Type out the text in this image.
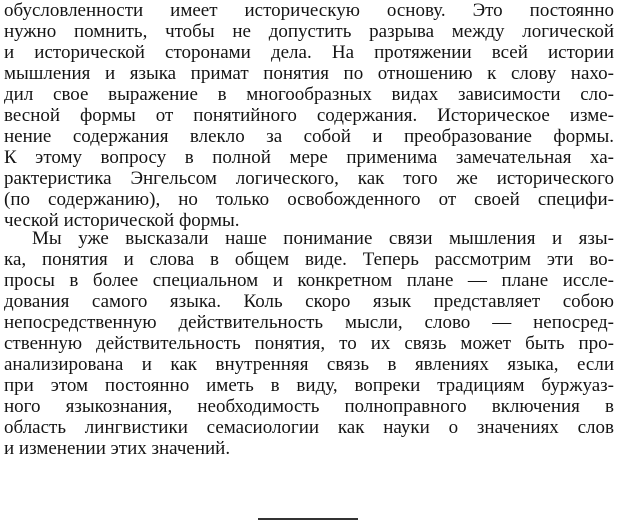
обусловленности имеет историческую основу. Это постоянно
нужно помнить, чтобы не допустить разрыва между логической
и исторической сторонами дела. На протяжении всей истории
мышления и языка примат понятия по отношению к слову нахо-
дил свое выражение в многообразных видах зависимости сло-
весной формы от понятийного содержания. Историческое изме-
нение содержания влекло за собой и преобразование формы.
К этому вопросу в полной мере применима замечательная ха-
рактеристика Энгельсом логического, как того же исторического
(по содержанию), но только освобожденного от своей специфи-
ческой исторической формы.
Мы уже высказали наше понимание связи мышления и язы-
ка, понятия и слова в общем виде. Теперь рассмотрим эти во-
просы в более специальном и конкретном плане — плане иссле-
дования самого языка. Коль скоро язык представляет собою
непосредственную действительность мысли, слово — непосред-
ственную действительность понятия, то их связь может быть про-
анализирована и как внутренняя связь в явлениях языка, если
при этом постоянно иметь в виду, вопреки традициям буржуаз-
ного языкознания, необходимость полноправного включения в
область лингвистики семасиологии как науки о значениях слов
и изменении этих значений.
